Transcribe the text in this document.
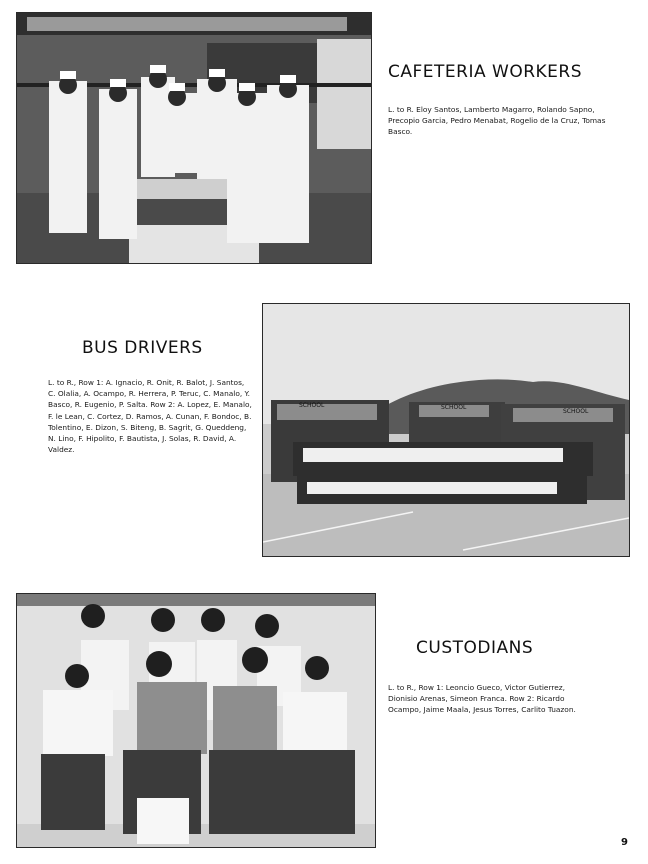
CAFETERIA WORKERS

L. to R. Eloy Santos, Lamberto Magarro, Rolando Sapno, Precopio Garcia, Pedro Menabat, Rogelio de la Cruz, Tomas Basco.

BUS DRIVERS

L. to R., Row 1: A. Ignacio, R. Onit, R. Balot, J. Santos, C. Olalia, A. Ocampo, R. Herrera, P. Teruc, C. Manalo, Y. Basco, R. Eugenio, P. Salta. Row 2: A. Lopez, E. Manalo, F. le Lean, C. Cortez, D. Ramos, A. Cunan, F. Bondoc, B. Tolentino, E. Dizon, S. Biteng, B. Sagrit, G. Queddeng, N. Lino, F. Hipolito, F. Bautista, J. Solas, R. David, A. Valdez.

SCHOOL	SCHOOL
SCHOOL
CUSTODIANS

L. to R., Row 1: Leoncio Gueco, Victor Gutierrez, Dionisio Arenas, Simeon Franca. Row 2: Ricardo Ocampo, Jaime Maala, Jesus Torres, Carlito Tuazon.

9
